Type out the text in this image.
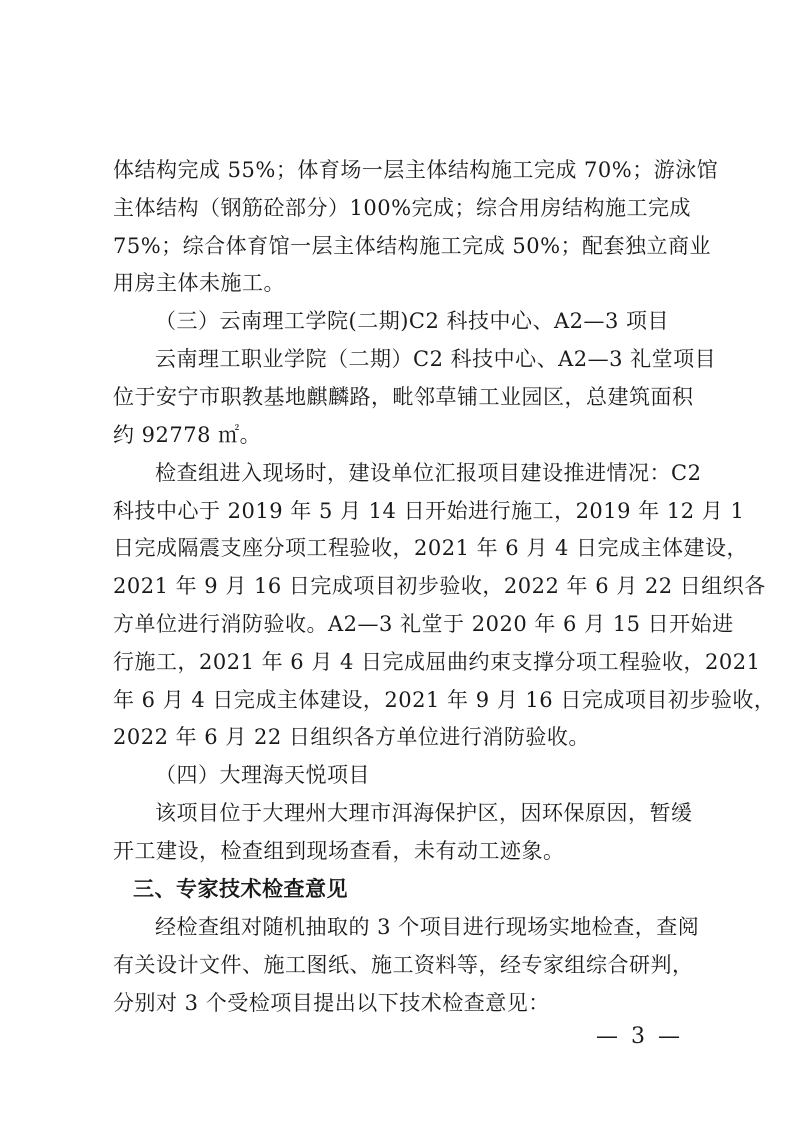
体结构完成 55%；体育场一层主体结构施工完成 70%；游泳馆
主体结构（钢筋砼部分）100%完成；综合用房结构施工完成
75%；综合体育馆一层主体结构施工完成 50%；配套独立商业
用房主体未施工。
（三）云南理工学院(二期)C2 科技中心、A2—3 项目
云南理工职业学院（二期）C2 科技中心、A2—3 礼堂项目
位于安宁市职教基地麒麟路，毗邻草铺工业园区，总建筑面积
约 92778 ㎡。
检查组进入现场时，建设单位汇报项目建设推进情况：C2
科技中心于 2019 年 5 月 14 日开始进行施工，2019 年 12 月 1
日完成隔震支座分项工程验收，2021 年 6 月 4 日完成主体建设，
2021 年 9 月 16 日完成项目初步验收，2022 年 6 月 22 日组织各
方单位进行消防验收。A2—3 礼堂于 2020 年 6 月 15 日开始进
行施工，2021 年 6 月 4 日完成屈曲约束支撑分项工程验收，2021
年 6 月 4 日完成主体建设，2021 年 9 月 16 日完成项目初步验收，
2022 年 6 月 22 日组织各方单位进行消防验收。
（四）大理海天悦项目
该项目位于大理州大理市洱海保护区，因环保原因，暂缓
开工建设，检查组到现场查看，未有动工迹象。
三、专家技术检查意见
经检查组对随机抽取的 3 个项目进行现场实地检查，查阅
有关设计文件、施工图纸、施工资料等，经专家组综合研判，
分别对 3 个受检项目提出以下技术检查意见：
— 3 —
